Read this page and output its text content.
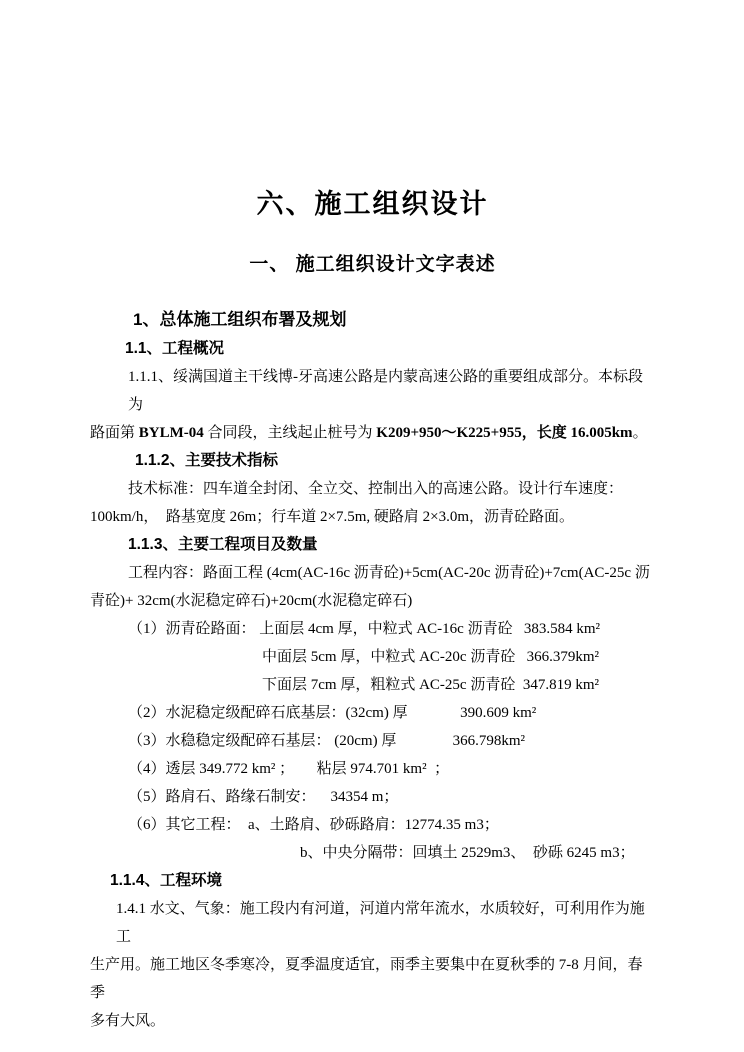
六、施工组织设计
一、 施工组织设计文字表述
1、总体施工组织布署及规划
1.1、工程概况
1.1.1、绥满国道主干线博-牙高速公路是内蒙高速公路的重要组成部分。本标段为
路面第 BYLM-04 合同段，主线起止桩号为 K209+950～K225+955，长度 16.005km。
1.1.2、主要技术指标
技术标准：四车道全封闭、全立交、控制出入的高速公路。设计行车速度：
100km/h，  路基宽度 26m；行车道 2×7.5m, 硬路肩 2×3.0m，沥青砼路面。
1.1.3、主要工程项目及数量
工程内容：路面工程 (4cm(AC-16c 沥青砼)+5cm(AC-20c 沥青砼)+7cm(AC-25c 沥
青砼)+ 32cm(水泥稳定碎石)+20cm(水泥稳定碎石)
（1）沥青砼路面： 上面层 4cm 厚，中粒式 AC-16c 沥青砼   383.584 km²
中面层 5cm 厚，中粒式 AC-20c 沥青砼   366.379km²
下面层 7cm 厚，粗粒式 AC-25c 沥青砼  347.819 km²
（2）水泥稳定级配碎石底基层：(32cm) 厚              390.609 km²
（3）水稳稳定级配碎石基层： (20cm) 厚               366.798km²
（4）透层 349.772 km² ；      粘层 974.701 km²  ；
（5）路肩石、路缘石制安：    34354 m；
（6）其它工程：  a、土路肩、砂砾路肩：12774.35 m3；
b、中央分隔带：回填土 2529m3、  砂砾 6245 m3；
1.1.4、工程环境
1.4.1 水文、气象：施工段内有河道，河道内常年流水，水质较好，可利用作为施工
生产用。施工地区冬季寒冷，夏季温度适宜，雨季主要集中在夏秋季的 7-8 月间，春季
多有大风。
